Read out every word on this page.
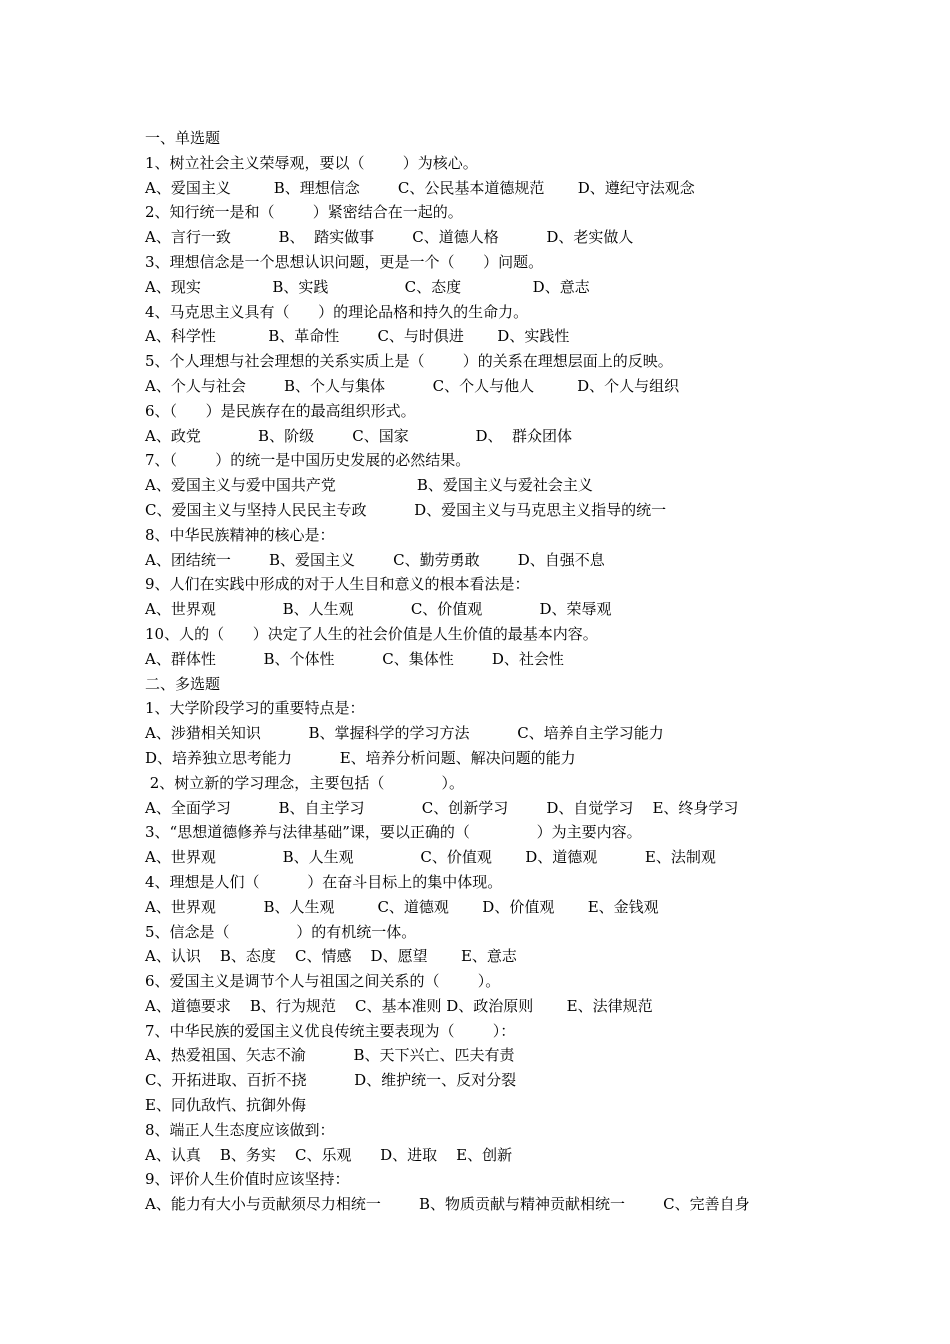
一、单选题
1、树立社会主义荣辱观，要以（        ）为核心。
A、爱国主义         B、理想信念        C、公民基本道德规范       D、遵纪守法观念
2、知行统一是和（        ）紧密结合在一起的。
A、言行一致          B、  踏实做事        C、道德人格          D、老实做人
3、理想信念是一个思想认识问题，更是一个（      ）问题。
A、现实               B、实践                C、态度               D、意志
4、马克思主义具有（      ）的理论品格和持久的生命力。
A、科学性           B、革命性        C、与时俱进       D、实践性
5、个人理想与社会理想的关系实质上是（        ）的关系在理想层面上的反映。
A、个人与社会        B、个人与集体          C、个人与他人         D、个人与组织
6、（      ）是民族存在的最高组织形式。
A、政党            B、阶级        C、国家              D、  群众团体
7、（        ）的统一是中国历史发展的必然结果。
A、爱国主义与爱中国共产党                 B、爱国主义与爱社会主义
C、爱国主义与坚持人民民主专政          D、爱国主义与马克思主义指导的统一
8、中华民族精神的核心是：
A、团结统一        B、爱国主义        C、勤劳勇敢        D、自强不息
9、人们在实践中形成的对于人生目和意义的根本看法是：
A、世界观              B、人生观            C、价值观            D、荣辱观
10、人的（      ）决定了人生的社会价值是人生价值的最基本内容。
A、群体性          B、个体性          C、集体性        D、社会性
二、多选题
1、大学阶段学习的重要特点是：
A、涉猎相关知识          B、掌握科学的学习方法          C、培养自主学习能力
D、培养独立思考能力          E、培养分析问题、解决问题的能力
2、树立新的学习理念，主要包括（            ）。
A、全面学习          B、自主学习            C、创新学习        D、自觉学习    E、终身学习
3、“思想道德修养与法律基础”课，要以正确的（              ）为主要内容。
A、世界观              B、人生观              C、价值观       D、道德观          E、法制观
4、理想是人们（          ）在奋斗目标上的集中体现。
A、世界观          B、人生观         C、道德观       D、价值观       E、金钱观
5、信念是（              ）的有机统一体。
A、认识    B、态度    C、情感    D、愿望       E、意志
6、爱国主义是调节个人与祖国之间关系的（        ）。
A、道德要求    B、行为规范    C、基本准则 D、政治原则       E、法律规范
7、中华民族的爱国主义优良传统主要表现为（        ）：
A、热爱祖国、矢志不渝          B、天下兴亡、匹夫有责
C、开拓进取、百折不挠          D、维护统一、反对分裂
E、同仇敌忾、抗御外侮
8、端正人生态度应该做到：
A、认真    B、务实    C、乐观      D、进取    E、创新
9、评价人生价值时应该坚持：
A、能力有大小与贡献须尽力相统一        B、物质贡献与精神贡献相统一        C、完善自身
